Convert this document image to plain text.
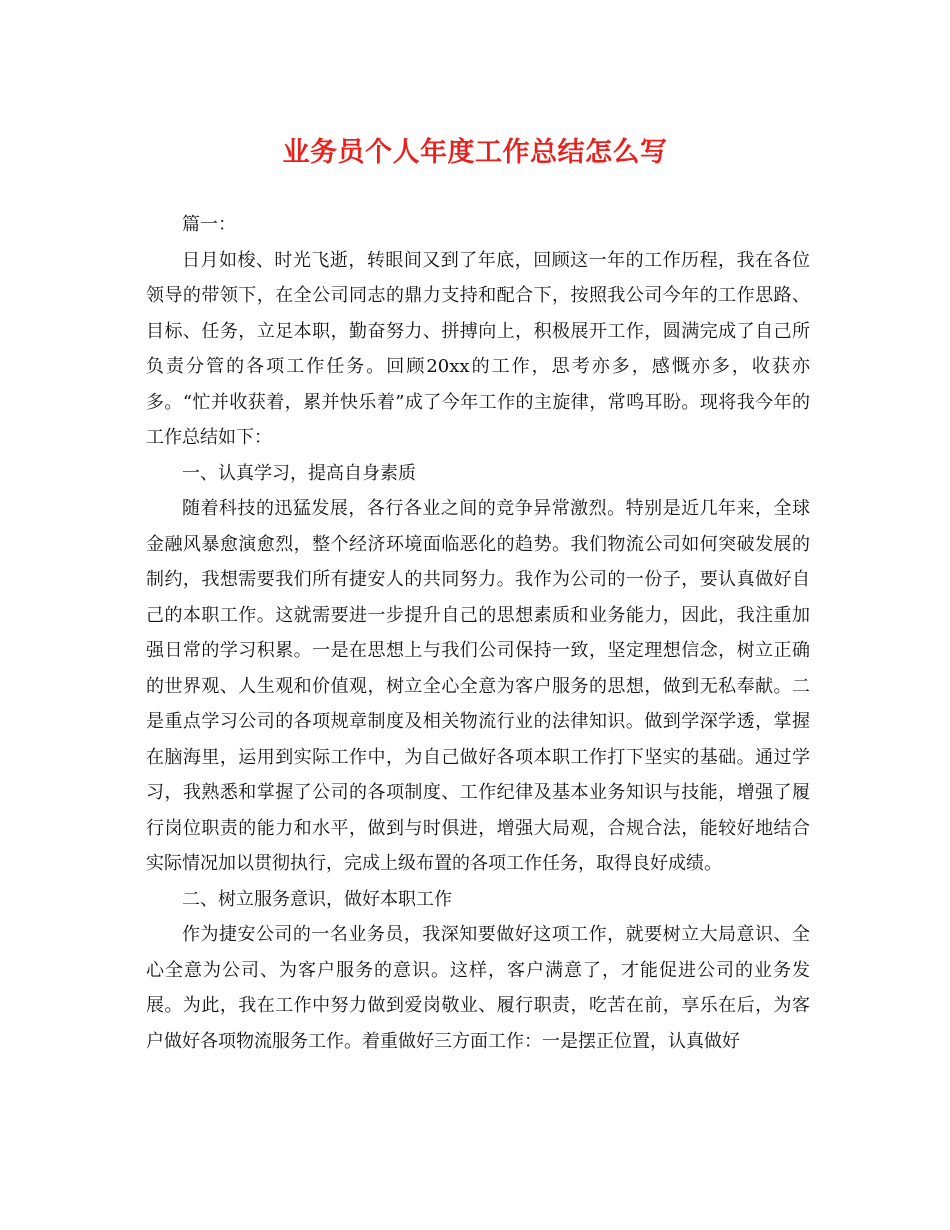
业务员个人年度工作总结怎么写

篇一：

日月如梭、时光飞逝，转眼间又到了年底，回顾这一年的工作历程，我在各位领导的带领下，在全公司同志的鼎力支持和配合下，按照我公司今年的工作思路、目标、任务，立足本职，勤奋努力、拼搏向上，积极展开工作，圆满完成了自己所负责分管的各项工作任务。回顾20xx的工作，思考亦多，感慨亦多，收获亦多。“忙并收获着，累并快乐着”成了今年工作的主旋律，常鸣耳盼。现将我今年的工作总结如下：

一、认真学习，提高自身素质

随着科技的迅猛发展，各行各业之间的竞争异常激烈。特别是近几年来，全球金融风暴愈演愈烈，整个经济环境面临恶化的趋势。我们物流公司如何突破发展的制约，我想需要我们所有捷安人的共同努力。我作为公司的一份子，要认真做好自己的本职工作。这就需要进一步提升自己的思想素质和业务能力，因此，我注重加强日常的学习积累。一是在思想上与我们公司保持一致，坚定理想信念，树立正确的世界观、人生观和价值观，树立全心全意为客户服务的思想，做到无私奉献。二是重点学习公司的各项规章制度及相关物流行业的法律知识。做到学深学透，掌握在脑海里，运用到实际工作中，为自己做好各项本职工作打下坚实的基础。通过学习，我熟悉和掌握了公司的各项制度、工作纪律及基本业务知识与技能，增强了履行岗位职责的能力和水平，做到与时俱进，增强大局观，合规合法，能较好地结合实际情况加以贯彻执行，完成上级布置的各项工作任务，取得良好成绩。

二、树立服务意识，做好本职工作

作为捷安公司的一名业务员，我深知要做好这项工作，就要树立大局意识、全心全意为公司、为客户服务的意识。这样，客户满意了，才能促进公司的业务发展。为此，我在工作中努力做到爱岗敬业、履行职责，吃苦在前，享乐在后，为客户做好各项物流服务工作。着重做好三方面工作：一是摆正位置，认真做好
